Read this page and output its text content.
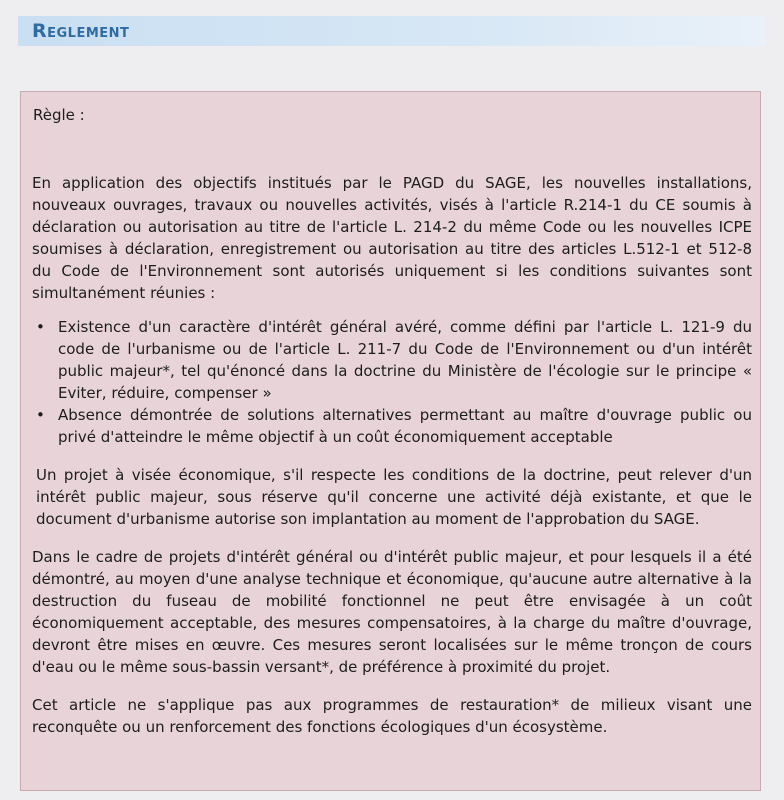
Reglement
Règle :

En application des objectifs institués par le PAGD du SAGE, les nouvelles installations, nouveaux ouvrages, travaux ou nouvelles activités, visés à l'article R.214-1 du CE soumis à déclaration ou autorisation au titre de l'article L. 214-2 du même Code ou les nouvelles ICPE soumises à déclaration, enregistrement ou autorisation au titre des articles L.512-1 et 512-8 du Code de l'Environnement sont autorisés uniquement si les conditions suivantes sont simultanément réunies :

• Existence d'un caractère d'intérêt général avéré, comme défini par l'article L. 121-9 du code de l'urbanisme ou de l'article L. 211-7 du Code de l'Environnement ou d'un intérêt public majeur*, tel qu'énoncé dans la doctrine du Ministère de l'écologie sur le principe « Eviter, réduire, compenser »
• Absence démontrée de solutions alternatives permettant au maître d'ouvrage public ou privé d'atteindre le même objectif à un coût économiquement acceptable

Un projet à visée économique, s'il respecte les conditions de la doctrine, peut relever d'un intérêt public majeur, sous réserve qu'il concerne une activité déjà existante, et que le document d'urbanisme autorise son implantation au moment de l'approbation du SAGE.

Dans le cadre de projets d'intérêt général ou d'intérêt public majeur, et pour lesquels il a été démontré, au moyen d'une analyse technique et économique, qu'aucune autre alternative à la destruction du fuseau de mobilité fonctionnel ne peut être envisagée à un coût économiquement acceptable, des mesures compensatoires, à la charge du maître d'ouvrage, devront être mises en œuvre. Ces mesures seront localisées sur le même tronçon de cours d'eau ou le même sous-bassin versant*, de préférence à proximité du projet.

Cet article ne s'applique pas aux programmes de restauration* de milieux visant une reconquête ou un renforcement des fonctions écologiques d'un écosystème.
